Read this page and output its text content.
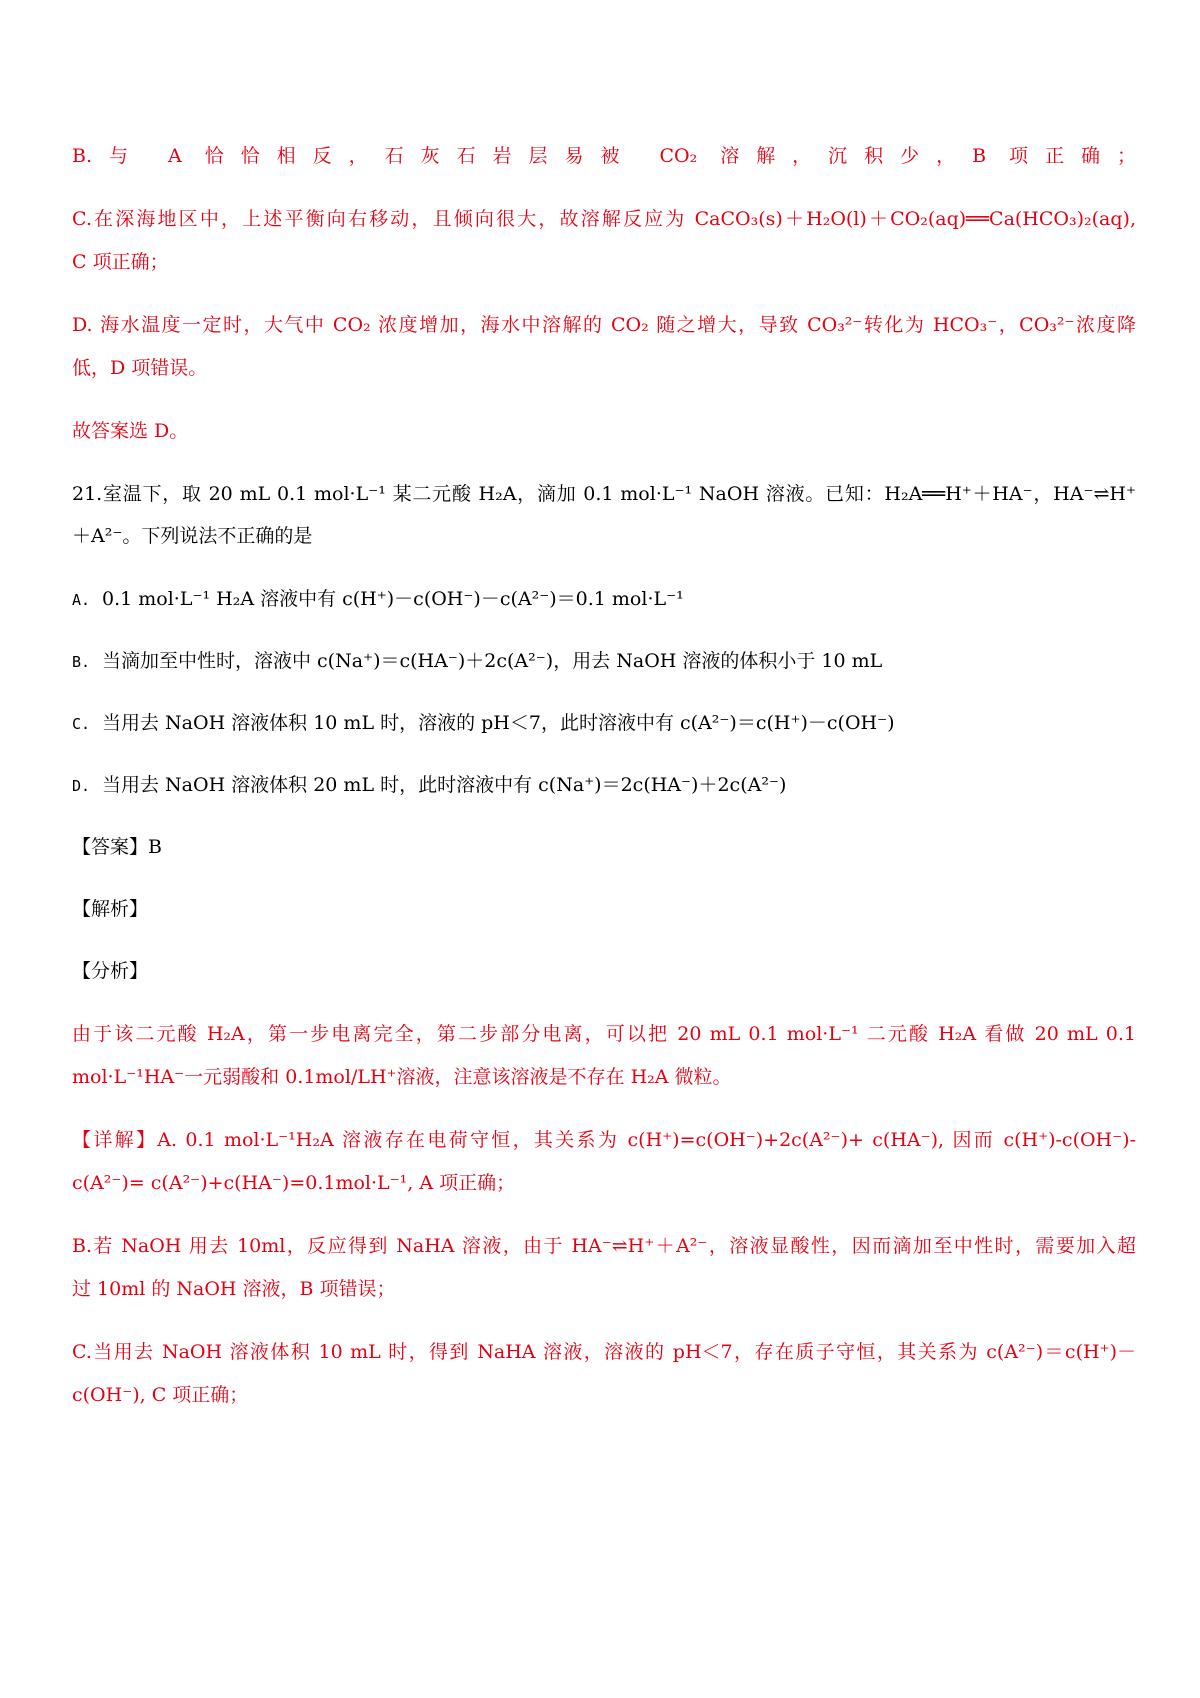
B.与 A 恰恰相反，石灰石岩层易被 CO₂ 溶解，沉积少，B 项正确；
C.在深海地区中，上述平衡向右移动，且倾向很大，故溶解反应为 CaCO₃(s)＋H₂O(l)＋CO₂(aq)══Ca(HCO₃)₂(aq),
C 项正确；
D. 海水温度一定时，大气中 CO₂ 浓度增加，海水中溶解的 CO₂ 随之增大，导致 CO₃²⁻转化为 HCO₃⁻，CO₃²⁻浓度降
低，D 项错误。
故答案选 D。
21.室温下，取 20 mL 0.1 mol·L⁻¹ 某二元酸 H₂A，滴加 0.1 mol·L⁻¹ NaOH 溶液。已知：H₂A══H⁺＋HA⁻，HA⁻⇌H⁺
＋A²⁻。下列说法不正确的是
A. 0.1 mol·L⁻¹ H₂A 溶液中有 c(H⁺)－c(OH⁻)－c(A²⁻)＝0.1 mol·L⁻¹
B. 当滴加至中性时，溶液中 c(Na⁺)＝c(HA⁻)＋2c(A²⁻)，用去 NaOH 溶液的体积小于 10 mL
C. 当用去 NaOH 溶液体积 10 mL 时，溶液的 pH＜7，此时溶液中有 c(A²⁻)＝c(H⁺)－c(OH⁻)
D. 当用去 NaOH 溶液体积 20 mL 时，此时溶液中有 c(Na⁺)＝2c(HA⁻)＋2c(A²⁻)
【答案】B
【解析】
【分析】
由于该二元酸 H₂A，第一步电离完全，第二步部分电离，可以把 20 mL 0.1 mol·L⁻¹ 二元酸 H₂A 看做 20 mL 0.1
mol·L⁻¹HA⁻一元弱酸和 0.1mol/LH⁺溶液，注意该溶液是不存在 H₂A 微粒。
【详解】A. 0.1 mol·L⁻¹H₂A 溶液存在电荷守恒，其关系为 c(H⁺)=c(OH⁻)+2c(A²⁻)+ c(HA⁻), 因而 c(H⁺)-c(OH⁻)-
c(A²⁻)= c(A²⁻)+c(HA⁻)=0.1mol·L⁻¹, A 项正确；
B.若 NaOH 用去 10ml，反应得到 NaHA 溶液，由于 HA⁻⇌H⁺＋A²⁻，溶液显酸性，因而滴加至中性时，需要加入超
过 10ml 的 NaOH 溶液，B 项错误；
C.当用去 NaOH 溶液体积 10 mL 时，得到 NaHA 溶液，溶液的 pH＜7，存在质子守恒，其关系为 c(A²⁻)＝c(H⁺)－
c(OH⁻), C 项正确；
